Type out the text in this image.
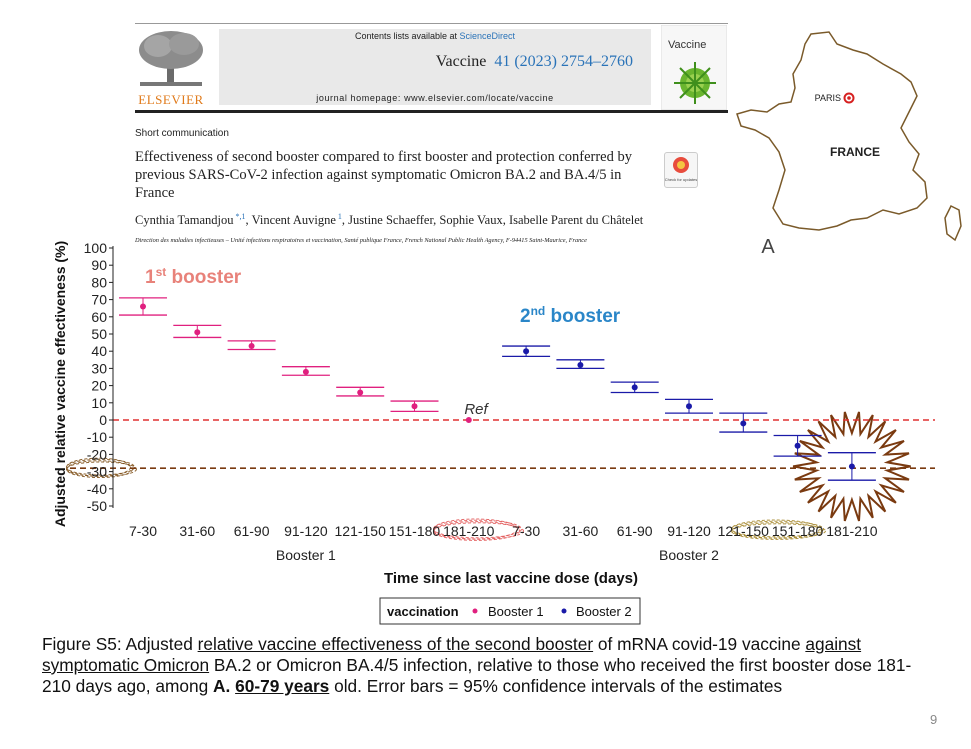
ELSEVIER
Contents lists available at ScienceDirect
Vaccine 41 (2023) 2754–2760
journal homepage: www.elsevier.com/locate/vaccine
Vaccine
Short communication
Effectiveness of second booster compared to first booster and protection conferred by previous SARS-CoV-2 infection against symptomatic Omicron BA.2 and BA.4/5 in France
Check for updates
Cynthia Tamandjou $^{*,1}$, Vincent Auvigne $^1$, Justine Schaeffer, Sophie Vaux, Isabelle Parent du Châtelet
Direction des maladies infectieuses – Unité infections respiratoires et vaccination, Santé publique France, French National Public Health Agency, F-94415 Saint-Maurice, France
PARIS
FRANCE
A
100
90
80
70
60
50
40
30
20
10
0
-10
-20
-30
-40
-50
7-30 31-60 61-90 91-120 121-150 151-180 181-210 7-30 31-60 61-90 91-120 121-150 151-180 181-210
Booster 1	Booster 2
Adjusted relative vaccine effectiveness (%)
Time since last vaccine dose (days)
1st booster
2nd booster
Ref
vaccination Booster 1 Booster 2
Figure S5: Adjusted relative vaccine effectiveness of the second booster of mRNA covid-19 vaccine against symptomatic Omicron BA.2 or Omicron BA.4/5 infection, relative to those who received the first booster dose 181-210 days ago, among A. 60-79 years old. Error bars = 95% confidence intervals of the estimates
9
